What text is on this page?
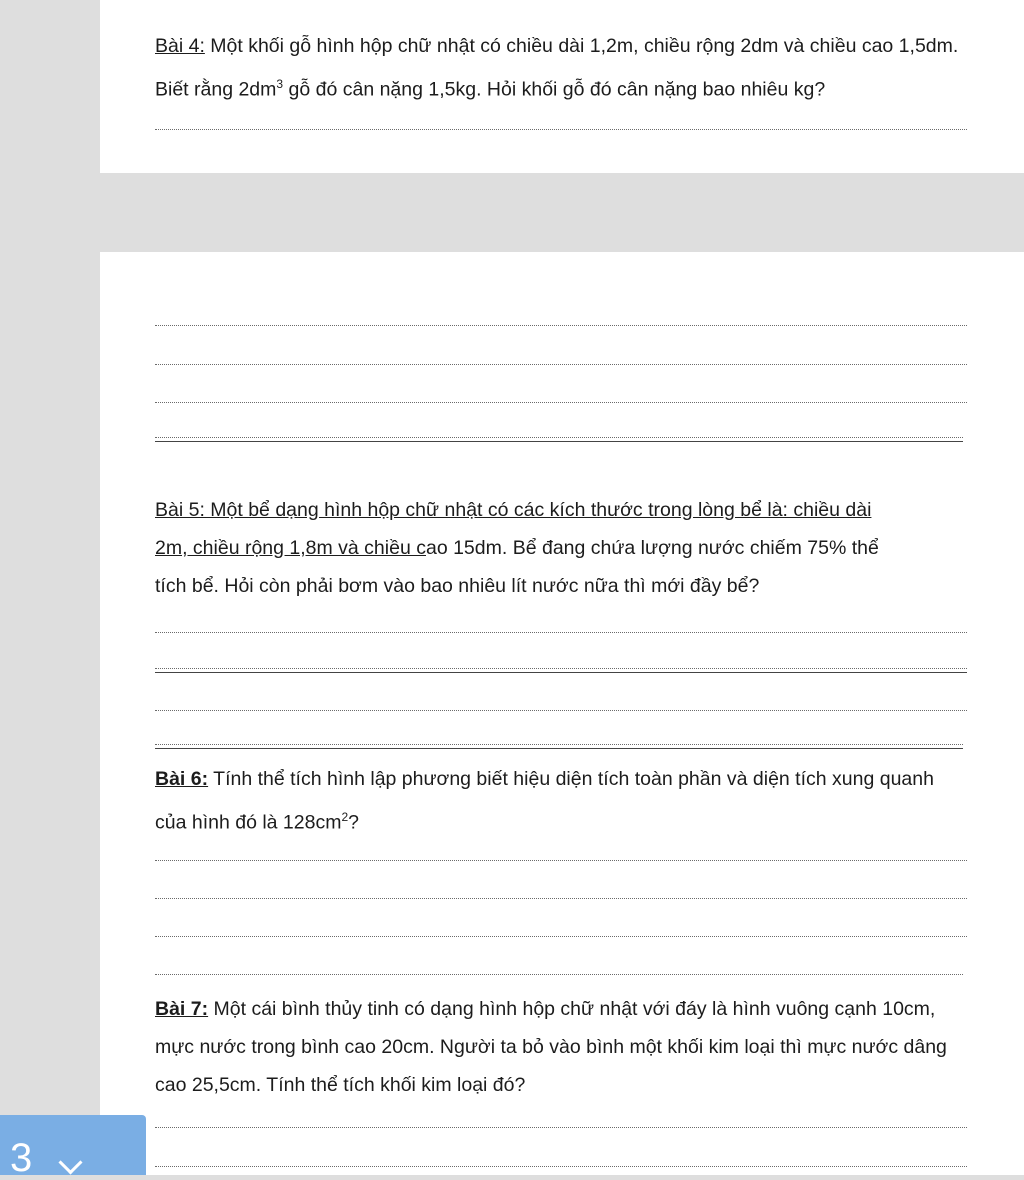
Bài 4: Một khối gỗ hình hộp chữ nhật có chiều dài 1,2m, chiều rộng 2dm và chiều cao 1,5dm. Biết rằng $2dm^3$ gỗ đó cân nặng 1,5kg. Hỏi khối gỗ đó cân nặng bao nhiêu kg?

Bài 5: Một bể dạng hình hộp chữ nhật có các kích thước trong lòng bể là: chiều dài
2m, chiều rộng 1,8m và chiều cao 15dm. Bể đang chứa lượng nước chiếm 75% thể
tích bể. Hỏi còn phải bơm vào bao nhiêu lít nước nữa thì mới đầy bể?

Bài 6: Tính thể tích hình lập phương biết hiệu diện tích toàn phần và diện tích xung quanh của hình đó là $128cm^2$?

Bài 7: Một cái bình thủy tinh có dạng hình hộp chữ nhật với đáy là hình vuông cạnh 10cm, mực nước trong bình cao 20cm. Người ta bỏ vào bình một khối kim loại thì mực nước dâng cao 25,5cm. Tính thể tích khối kim loại đó?

3
